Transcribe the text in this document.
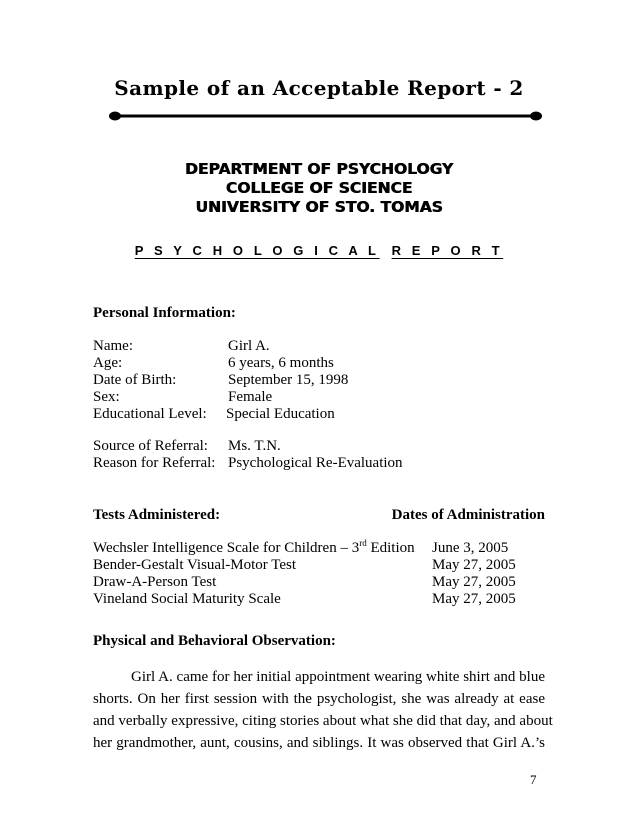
Sample of an Acceptable Report - 2
DEPARTMENT OF PSYCHOLOGY
COLLEGE OF SCIENCE
UNIVERSITY OF STO. TOMAS
P S Y C H O L O G I C A L R E P O R T
Personal Information:
Name:	Girl A.
Age:	6 years, 6 months
Date of Birth:	September 15, 1998
Sex:	Female
Educational Level: Special Education
Source of Referral: Ms. T.N.
Reason for Referral: Psychological Re-Evaluation
Tests Administered:	Dates of Administration
Wechsler Intelligence Scale for Children – 3rd Edition June 3, 2005
Bender-Gestalt Visual-Motor Test	May 27, 2005
Draw-A-Person Test	May 27, 2005
Vineland Social Maturity Scale	May 27, 2005
Physical and Behavioral Observation:
Girl A. came for her initial appointment wearing white shirt and blue
shorts. On her first session with the psychologist, she was already at ease
and verbally expressive, citing stories about what she did that day, and about
her grandmother, aunt, cousins, and siblings. It was observed that Girl A.’s
7
